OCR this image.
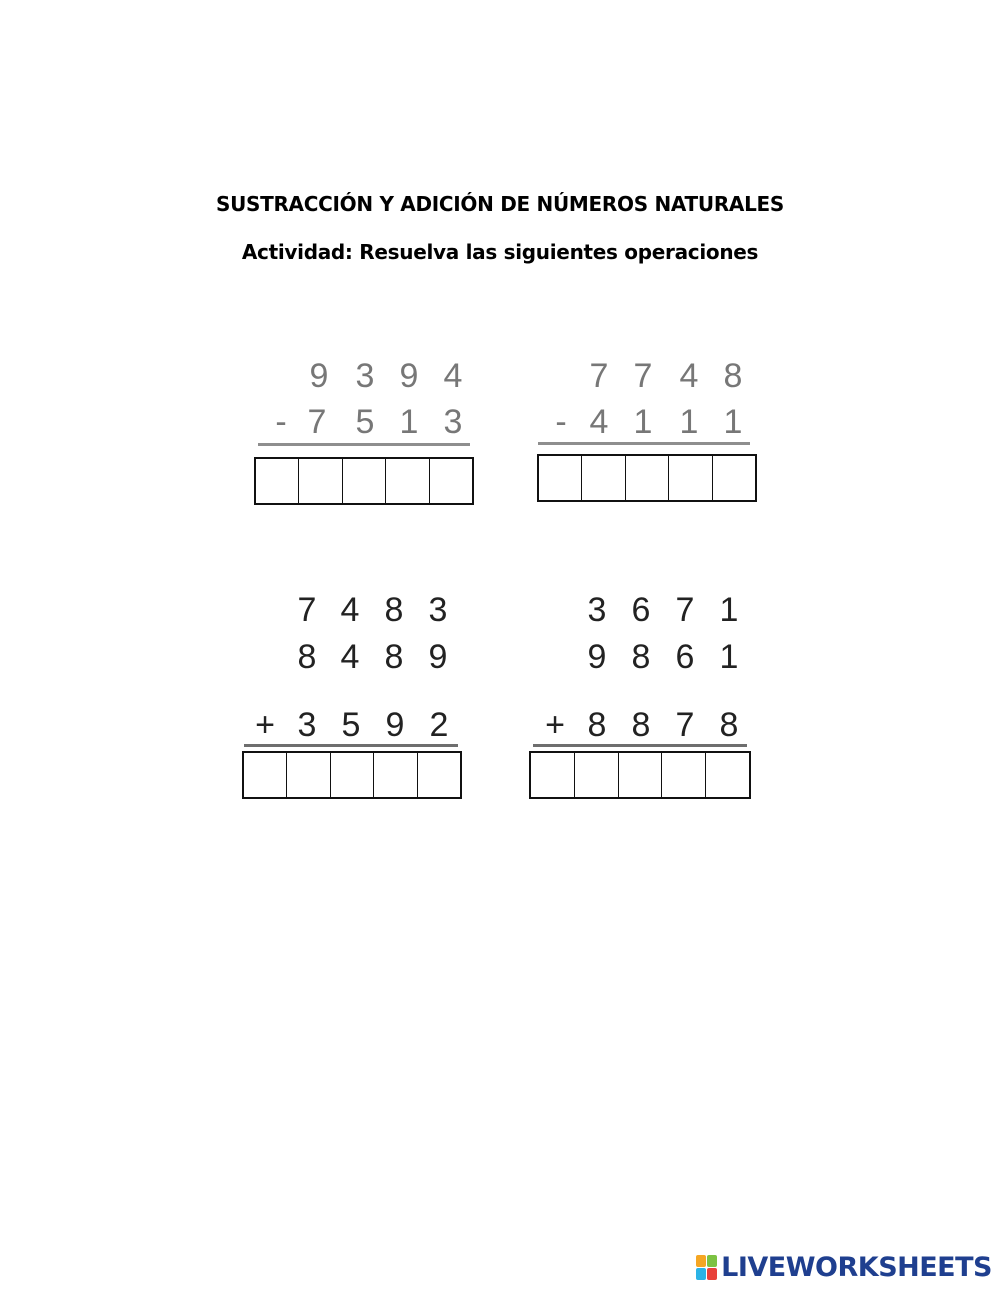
SUSTRACCIÓN Y ADICIÓN DE NÚMEROS NATURALES
Actividad: Resuelva las siguientes operaciones
9 3 9 4
- 7 5 1 3
7 7 4 8
- 4 1 1 1
7 4 8 3
8 4 8 9
+ 3 5 9 2
3 6 7 1
9 8 6 1
+ 8 8 7 8
LIVEWORKSHEETS
